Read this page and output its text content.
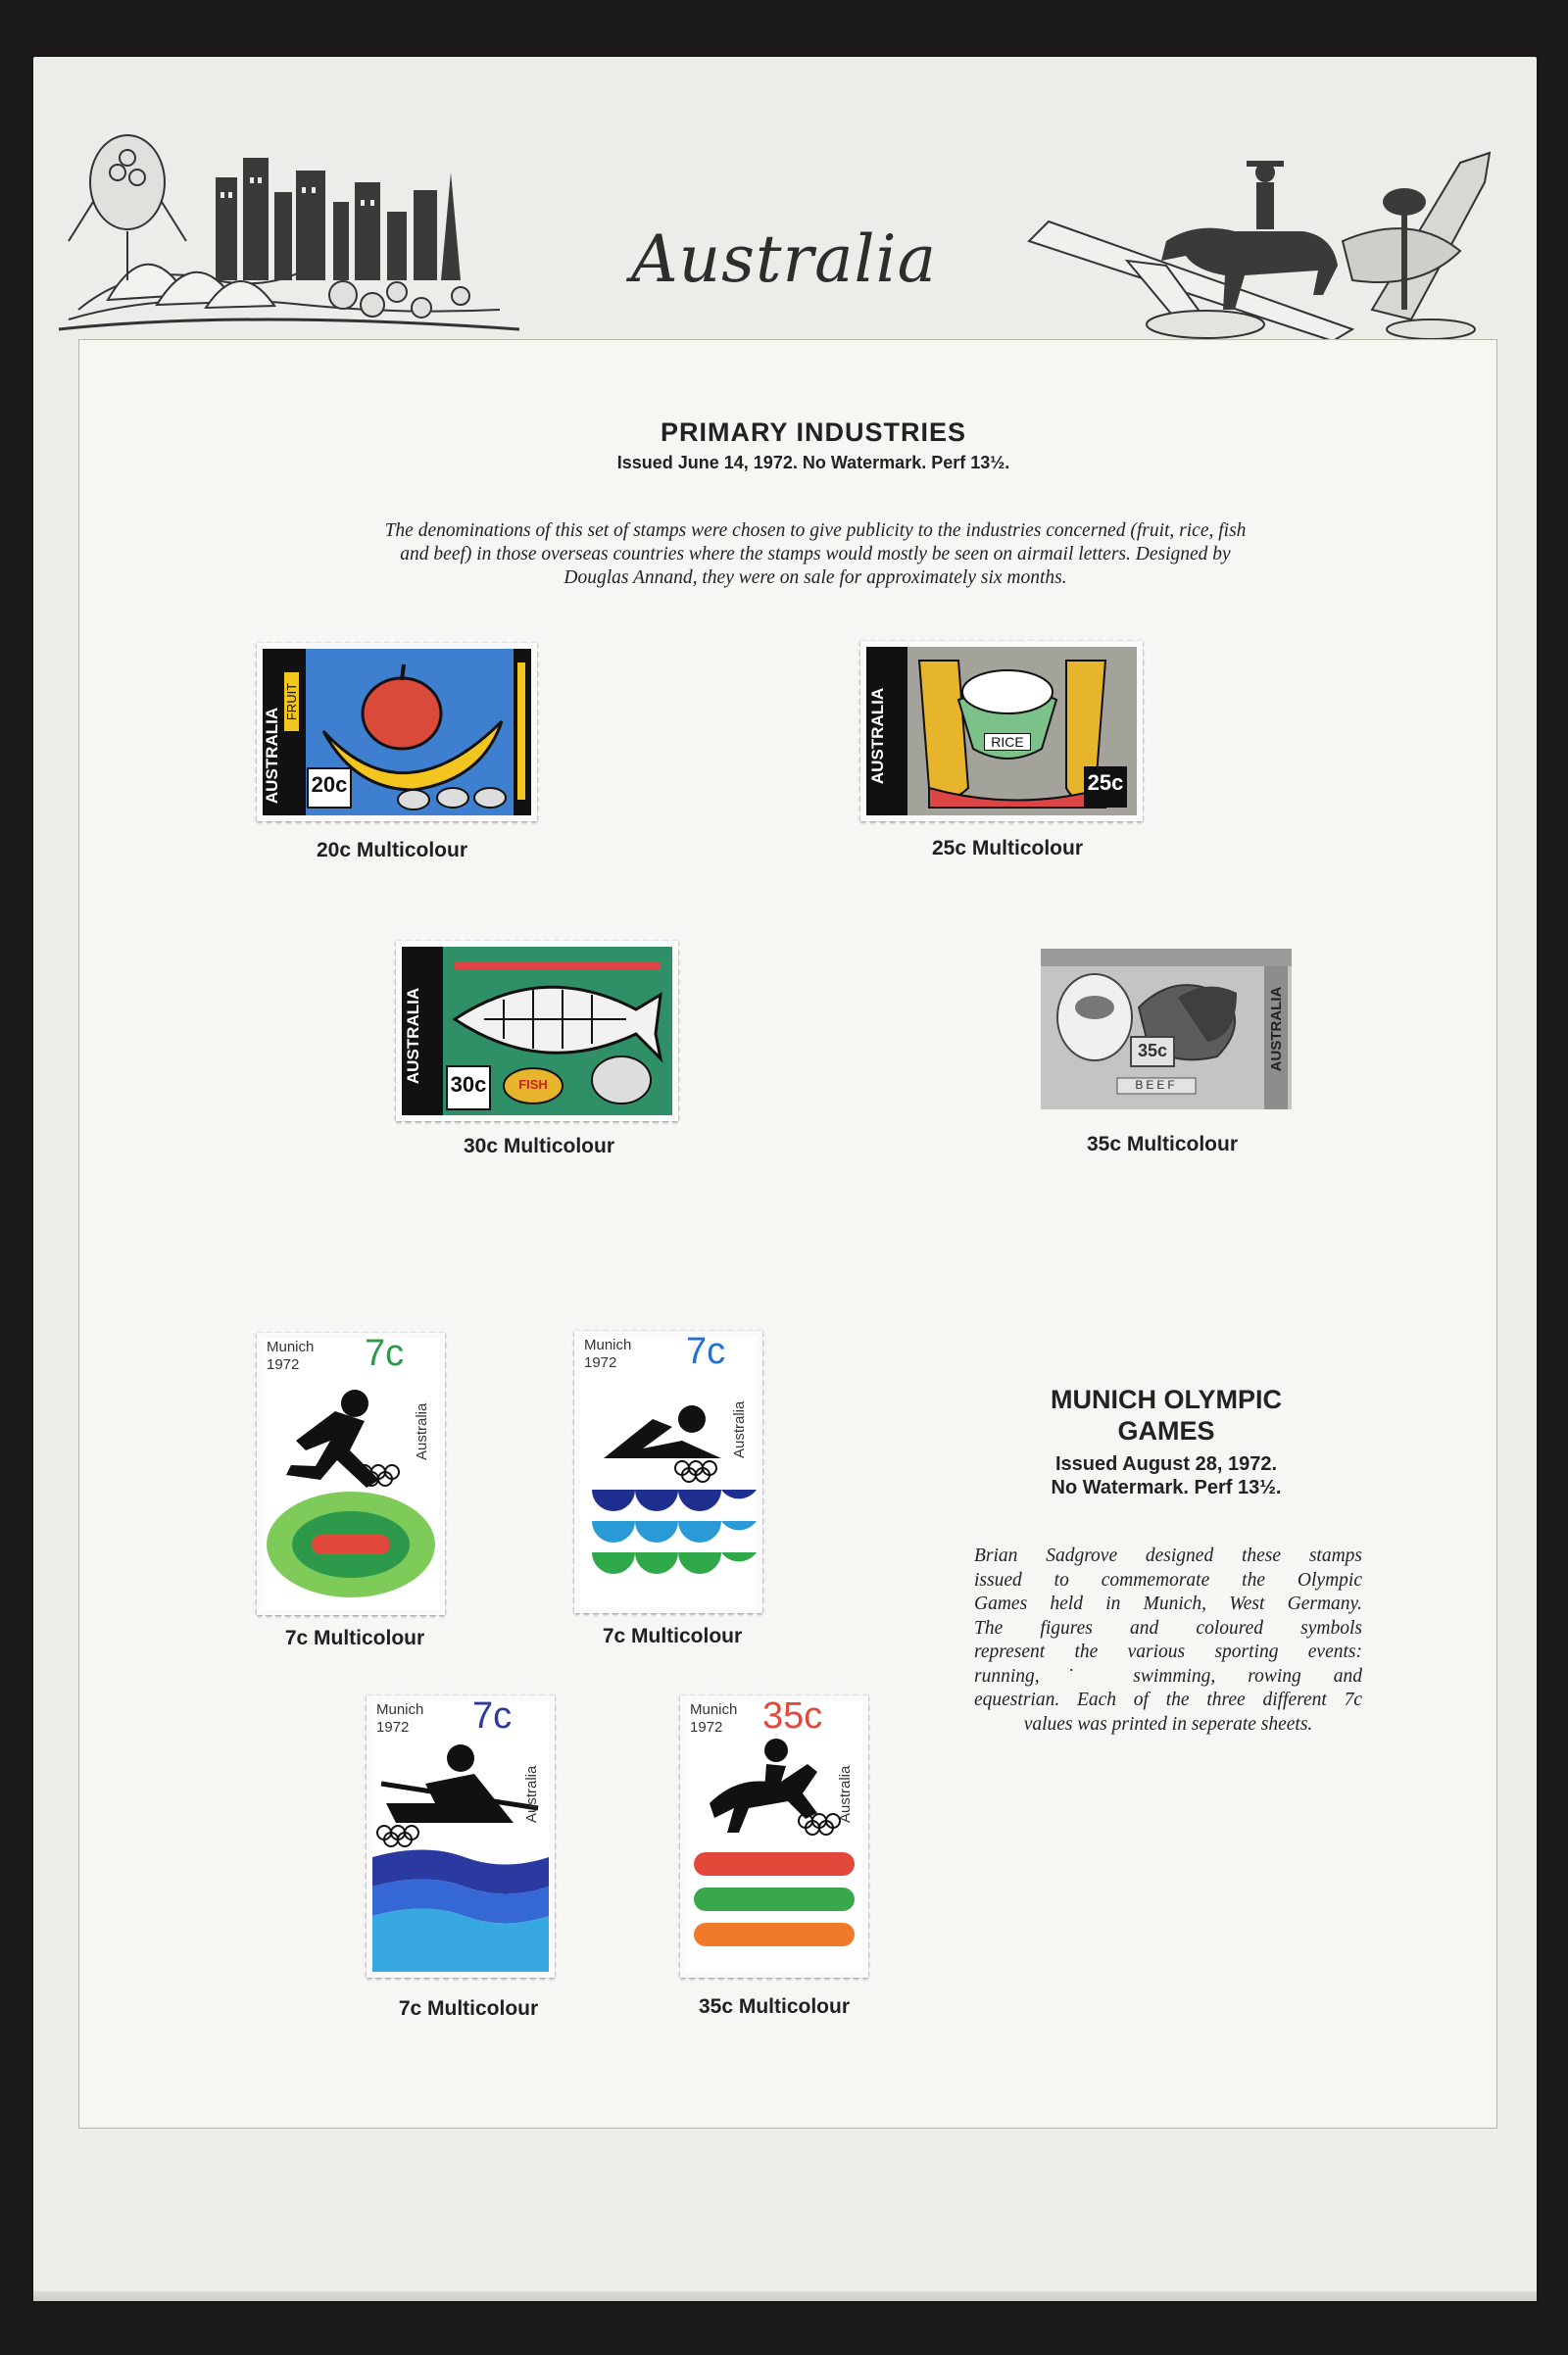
Australia
PRIMARY INDUSTRIES
Issued June 14, 1972. No Watermark. Perf 13½.
The denominations of this set of stamps were chosen to give publicity to the industries concerned (fruit, rice, fish
and beef) in those overseas countries where the stamps would mostly be seen on airmail letters. Designed by
Douglas Annand, they were on sale for approximately six months.
AUSTRALIA
FRUIT
20c
20c Multicolour
AUSTRALIA	RICE
25c
25c Multicolour
AUSTRALIA
FISH
30c
30c Multicolour
AUSTRALIA
35c
BEEF
35c Multicolour
Munich
1972 7c
Australia
7c Multicolour
Munich
1972 7c
Australia
7c Multicolour
Munich
1972 7c
Australia
7c Multicolour
Munich
1972 35c
Australia
35c Multicolour
MUNICH OLYMPIC
GAMES
Issued August 28, 1972.
No Watermark. Perf 13½.
Brian Sadgrove designed these stamps
issued to commemorate the Olympic
Games held in Munich, West Germany.
The figures and coloured symbols
represent the various sporting events:
running,˙ swimming, rowing and
equestrian. Each of the three different 7c
values was printed in seperate sheets.
